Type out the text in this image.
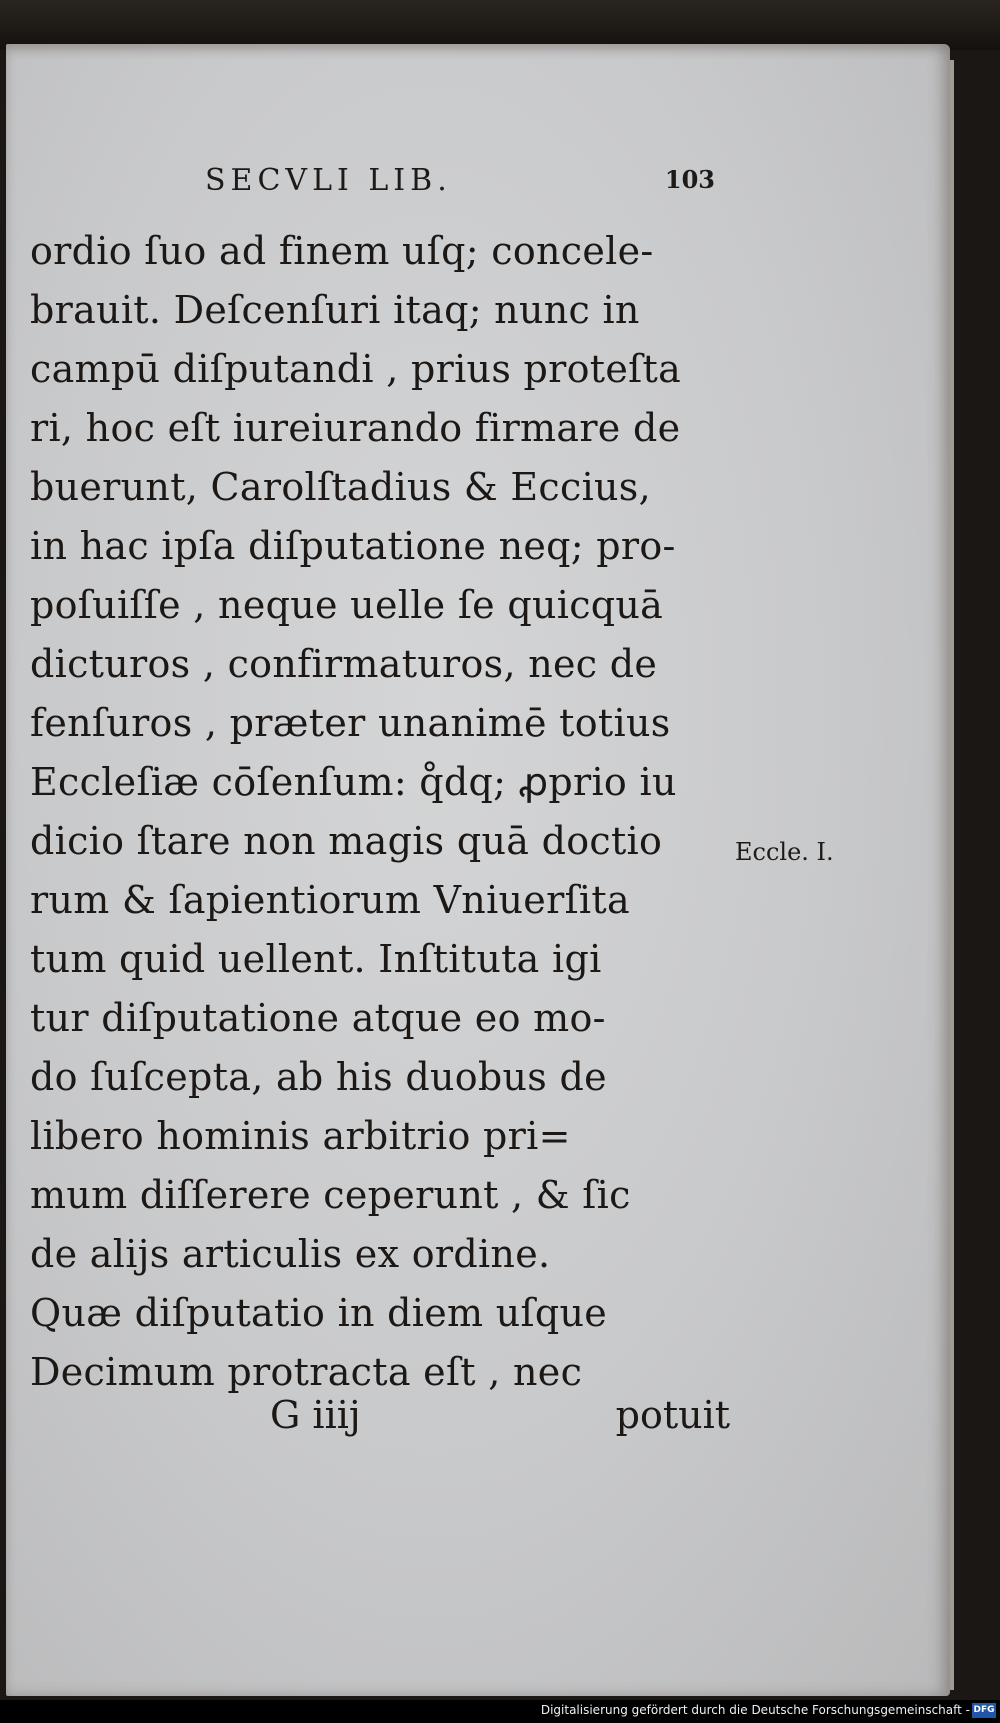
SECVLI LIB.	103
ordio ſuo ad finem uſq; concele-
brauit. Deſcenſuri itaq; nunc in
campū diſputandi , prius proteſta
ri, hoc eſt iureiurando firmare de
buerunt, Carolſtadius & Eccius,
in hac ipſa diſputatione neq; pro-
poſuiſſe , neque uelle ſe quicquā
dicturos , confirmaturos, nec de
fenſuros , præter unanimē totius
Eccleſiæ cōſenſum: q̊dq; ꝓprio iu
dicio ſtare non magis quā doctio
rum & ſapientiorum Vniuerſita
tum quid uellent. Inſtituta igi
tur diſputatione atque eo mo-
do ſuſcepta, ab his duobus de
libero hominis arbitrio pri=
mum diſſerere ceperunt , & ſic
de alijs articulis ex ordine.
Quæ diſputatio in diem uſque
Decimum protracta eſt , nec
G iiij	potuit
Eccle. I.
Digitalisierung gefördert durch die Deutsche Forschungsgemeinschaft - DFG
